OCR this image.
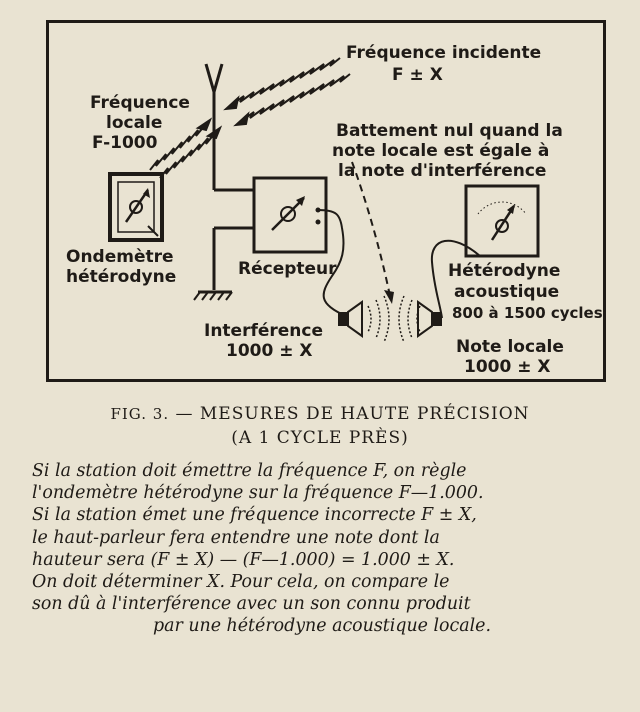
Fréquence incidente
F ± X
Fréquence
locale
F-1000
Battement nul quand la
note locale est égale à
la note d'interférence
Ondemètre
hétérodyne	Récepteur	Hétérodyne
acoustique
800 à 1500 cycles
Interférence
1000 ± X	Note locale
1000 ± X
FIG. 3. — MESURES DE HAUTE PRÉCISION
(A 1 CYCLE PRÈS)
Si la station doit émettre la fréquence F, on règle
l'ondemètre hétérodyne sur la fréquence F—1.000.
Si la station émet une fréquence incorrecte F ± X,
le haut-parleur fera entendre une note dont la
hauteur sera (F ± X) — (F—1.000) = 1.000 ± X.
On doit déterminer X. Pour cela, on compare le
son dû à l'interférence avec un son connu produit
par une hétérodyne acoustique locale.
